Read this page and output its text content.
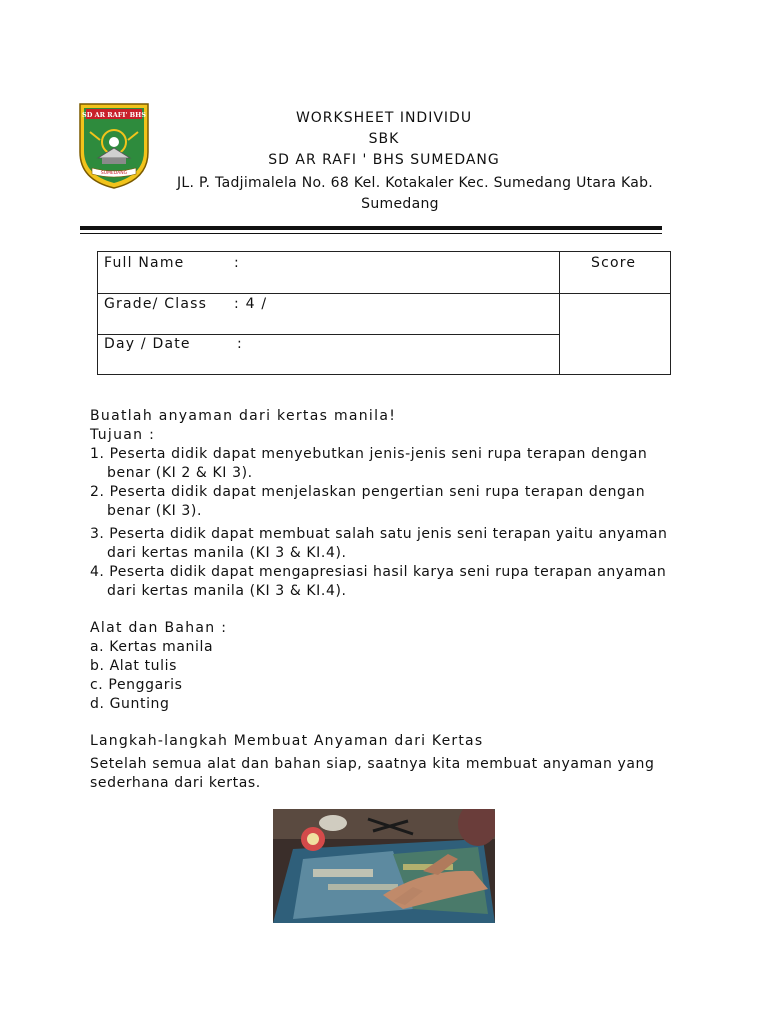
SD AR RAFI' BHS
SUMEDANG
WORKSHEET INDIVIDU
SBK
SD AR RAFI ' BHS SUMEDANG
JL. P. Tadjimalela No. 68 Kel. Kotakaler Kec. Sumedang Utara Kab.
Sumedang
Full Name	:
Grade/ Class : 4 /
Day / Date	:
Score
Buatlah anyaman dari kertas manila!
Tujuan :
1. Peserta didik dapat menyebutkan jenis-jenis seni rupa terapan dengan
benar (KI 2 & KI 3).
2. Peserta didik dapat menjelaskan pengertian seni rupa terapan dengan
benar (KI 3).
3. Peserta didik dapat membuat salah satu jenis seni terapan yaitu anyaman
dari kertas manila (KI 3 & KI.4).
4. Peserta didik dapat mengapresiasi hasil karya seni rupa terapan anyaman
dari kertas manila (KI 3 & KI.4).
Alat dan Bahan :
a. Kertas manila
b. Alat tulis
c. Penggaris
d. Gunting
Langkah-langkah Membuat Anyaman dari Kertas
Setelah semua alat dan bahan siap, saatnya kita membuat anyaman yang
sederhana dari kertas.
